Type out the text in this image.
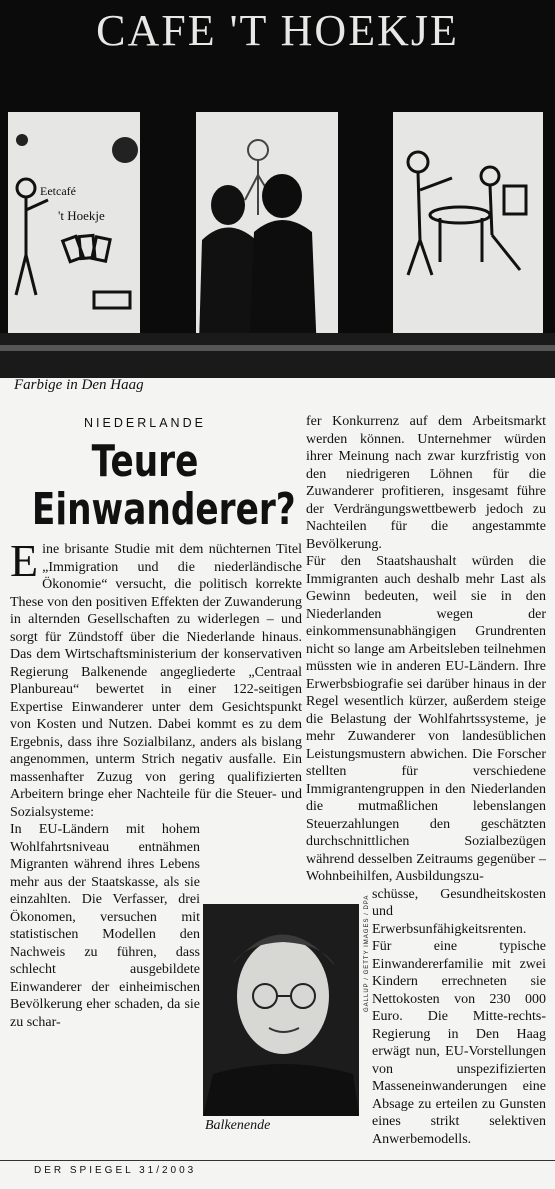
CAFE 'T HOEKJE
Eetcafé
't Hoekje
Farbige in Den Haag
NIEDERLANDE
Teure
Einwanderer?

Eine brisante Studie mit dem nüchternen Titel „Immigration und die niederländische Ökonomie“ versucht, die politisch korrekte These von den positiven Effekten der Zuwanderung in alternden Gesellschaften zu widerlegen – und sorgt für Zündstoff über die Niederlande hinaus. Das dem Wirtschaftsministerium der konservativen Regierung Balkenende angegliederte „Centraal Planbureau“ bewertet in einer 122-seitigen Expertise Einwanderer unter dem Gesichtspunkt von Kosten und Nutzen. Dabei kommt es zu dem Ergebnis, dass ihre Sozialbilanz, anders als bislang angenommen, unterm Strich negativ ausfalle. Ein massenhafter Zuzug von gering qualifizierten Arbeitern bringe eher Nachteile für die Steuer- und Sozialsysteme:

In EU-Ländern mit hohem Wohlfahrtsniveau entnähmen Migranten während ihres Lebens mehr aus der Staatskasse, als sie einzahlten. Die Verfasser, drei Ökonomen, versuchen mit statistischen Modellen den Nachweis zu führen, dass schlecht ausgebildete Einwanderer der einheimischen Bevölkerung eher schaden, da sie zu schar-

fer Konkurrenz auf dem Arbeitsmarkt werden können. Unternehmer würden ihrer Meinung nach zwar kurzfristig von den niedrigeren Löhnen für die Zuwanderer profitieren, insgesamt führe der Verdrängungswettbewerb jedoch zu Nachteilen für die angestammte Bevölkerung.

Für den Staatshaushalt würden die Immigranten auch deshalb mehr Last als Gewinn bedeuten, weil sie in den Niederlanden wegen der einkommensunabhängigen Grundrenten nicht so lange am Arbeitsleben teilnehmen müssten wie in anderen EU-Ländern. Ihre Erwerbsbiografie sei darüber hinaus in der Regel wesentlich kürzer, außerdem steige die Belastung der Wohlfahrtssysteme, je mehr Zuwanderer von landesüblichen Leistungsmustern abwichen. Die Forscher stellten für verschiedene Immigrantengruppen in den Niederlanden die mutmaßlichen lebenslangen Steuerzahlungen den geschätzten durchschnittlichen Sozialbezügen während desselben Zeitraums gegenüber – Wohnbeihilfen, Ausbildungszu-

schüsse, Gesundheitskosten und Erwerbsunfähigkeitsrenten. Für eine typische Einwandererfamilie mit zwei Kindern errechneten sie Nettokosten von 230 000 Euro. Die Mitte-rechts-Regierung in Den Haag erwägt nun, EU-Vorstellungen von unspezifizierten Masseneinwanderungen eine Absage zu erteilen zu Gunsten eines strikt selektiven Anwerbemodells.

GALLUP / GETTY IMAGES / DPA
Balkenende
DER SPIEGEL 31/2003
